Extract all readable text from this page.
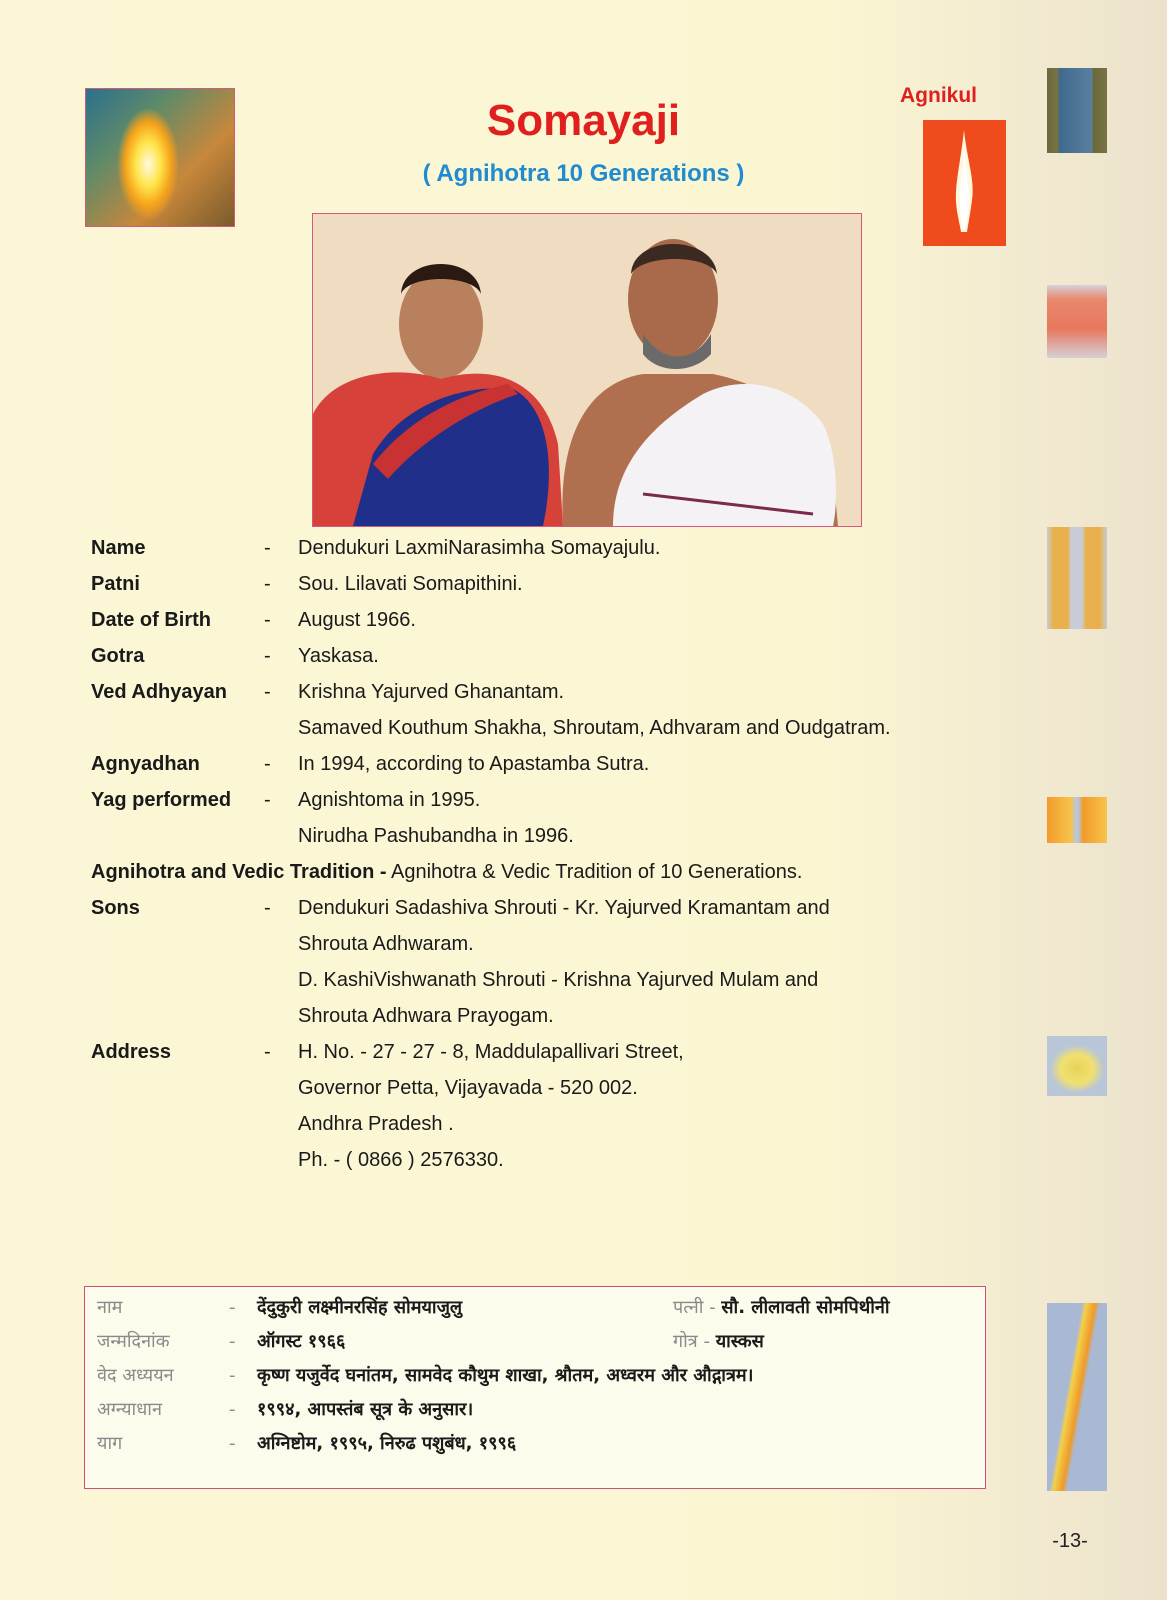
Somayaji
( Agnihotra 10 Generations )
Agnikul
Name	- Dendukuri LaxmiNarasimha Somayajulu.
Patni	- Sou. Lilavati Somapithini.
Date of Birth	- August 1966.
Gotra	- Yaskasa.
Ved Adhyayan - Krishna Yajurved Ghanantam.
Samaved Kouthum Shakha, Shroutam, Adhvaram and Oudgatram.
Agnyadhan	- In 1994, according to Apastamba Sutra.
Yag performed - Agnishtoma in 1995.
Nirudha Pashubandha in 1996.
Agnihotra and Vedic Tradition - Agnihotra & Vedic Tradition of 10 Generations.
Sons	- Dendukuri Sadashiva Shrouti - Kr. Yajurved Kramantam and
Shrouta Adhwaram.
D. KashiVishwanath Shrouti - Krishna Yajurved Mulam and
Shrouta Adhwara Prayogam.
Address	- H. No. - 27 - 27 - 8, Maddulapallivari Street,
Governor Petta, Vijayavada - 520 002.
Andhra Pradesh .
Ph. - ( 0866 ) 2576330.
नाम	- देंदुकुरी लक्ष्मीनरसिंह सोमयाजुलु	पत्नी - सौ. लीलावती सोमपिथीनी
जन्मदिनांक	- ऑगस्ट १९६६	गोत्र - यास्कस
वेद अध्ययन	- कृष्ण यजुर्वेद घनांतम, सामवेद कौथुम शाखा, श्रौतम, अध्वरम और औद्गात्रम।
अग्न्याधान	- १९९४, आपस्तंब सूत्र के अनुसार।
याग	- अग्निष्टोम, १९९५, निरुढ पशुबंध, १९९६
-13-
